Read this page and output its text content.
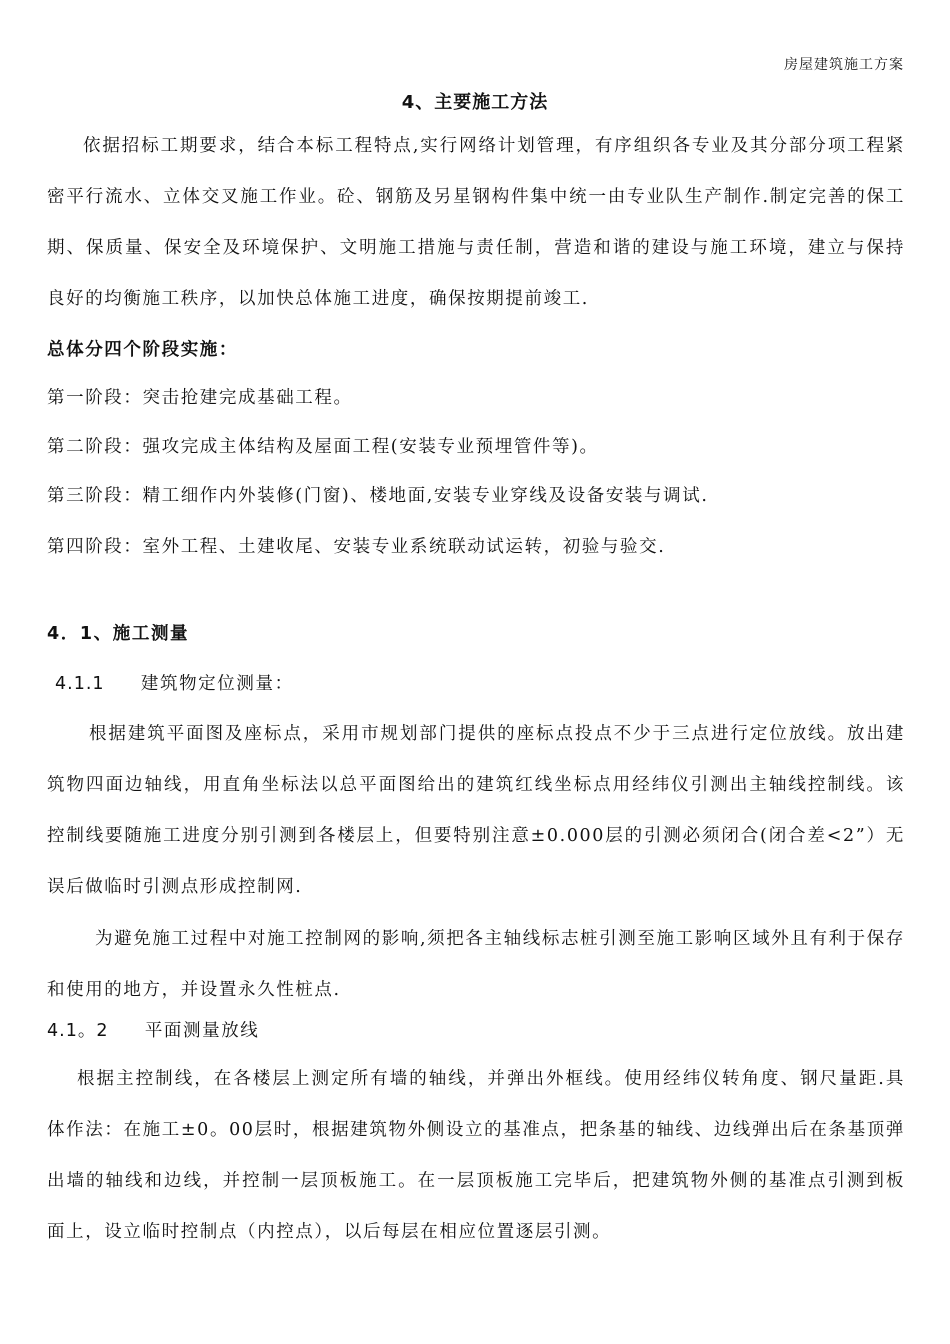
房屋建筑施工方案
4、主要施工方法

依据招标工期要求，结合本标工程特点,实行网络计划管理，有序组织各专业及其分部分项工程紧密平行流水、立体交叉施工作业。砼、钢筋及另星钢构件集中统一由专业队生产制作.制定完善的保工期、保质量、保安全及环境保护、文明施工措施与责任制，营造和谐的建设与施工环境，建立与保持良好的均衡施工秩序，以加快总体施工进度，确保按期提前竣工.

总体分四个阶段实施：
第一阶段：突击抢建完成基础工程。
第二阶段：强攻完成主体结构及屋面工程(安装专业预埋管件等)。
第三阶段：精工细作内外装修(门窗)、楼地面,安装专业穿线及设备安装与调试.
第四阶段：室外工程、土建收尾、安装专业系统联动试运转，初验与验交.
4．1、施工测量
4.1.1 建筑物定位测量：

根据建筑平面图及座标点，采用市规划部门提供的座标点投点不少于三点进行定位放线。放出建筑物四面边轴线，用直角坐标法以总平面图给出的建筑红线坐标点用经纬仪引测出主轴线控制线。该控制线要随施工进度分别引测到各楼层上，但要特别注意±0.000层的引测必须闭合(闭合差<2”）无误后做临时引测点形成控制网.

为避免施工过程中对施工控制网的影响,须把各主轴线标志桩引测至施工影响区域外且有利于保存和使用的地方，并设置永久性桩点.

4.1。2 平面测量放线

根据主控制线，在各楼层上测定所有墙的轴线，并弹出外框线。使用经纬仪转角度、钢尺量距.具体作法：在施工±0。00层时，根据建筑物外侧设立的基准点，把条基的轴线、边线弹出后在条基顶弹出墙的轴线和边线，并控制一层顶板施工。在一层顶板施工完毕后，把建筑物外侧的基准点引测到板面上，设立临时控制点（内控点），以后每层在相应位置逐层引测。
